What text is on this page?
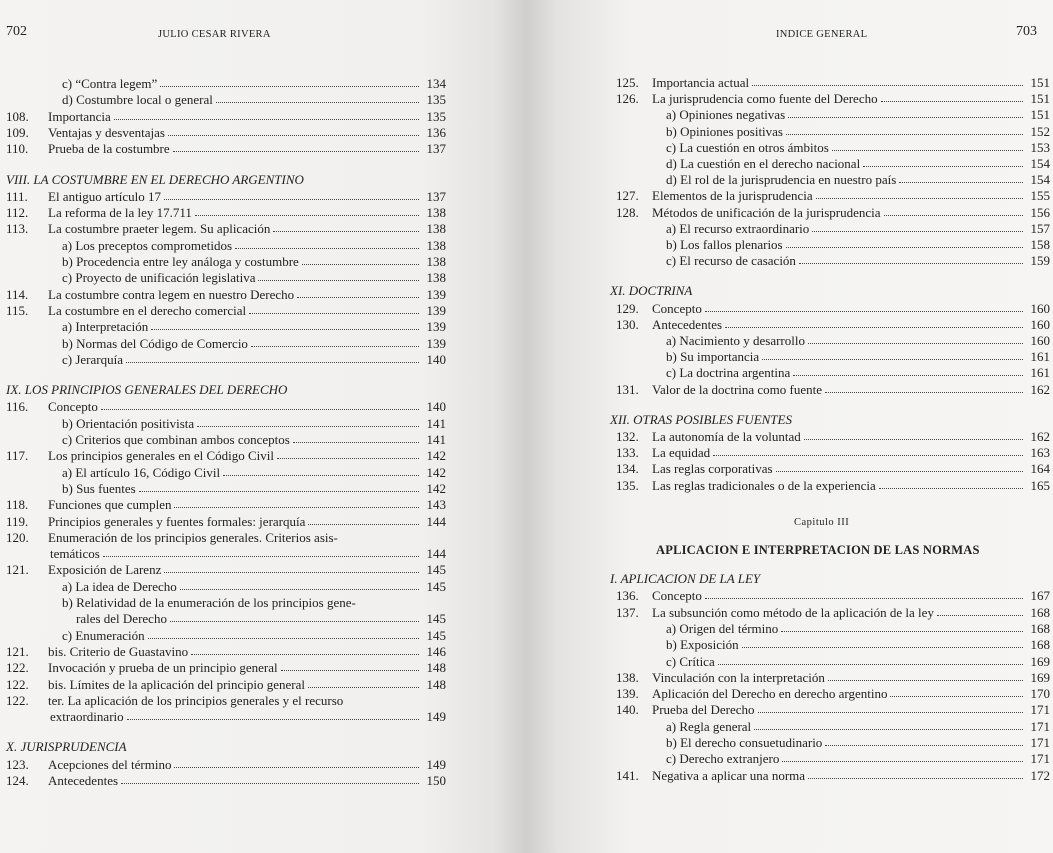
702	JULIO CESAR RIVERA
c) “Contra legem”	134
d) Costumbre local o general	135
108.	Importancia	135
109.	Ventajas y desventajas	136
110.	Prueba de la costumbre	137
VIII. LA COSTUMBRE EN EL DERECHO ARGENTINO
111.	El antiguo artículo 17	137
112.	La reforma de la ley 17.711	138
113.	La costumbre praeter legem. Su aplicación	138
a) Los preceptos comprometidos	138
b) Procedencia entre ley análoga y costumbre	138
c) Proyecto de unificación legislativa	138
114.	La costumbre contra legem en nuestro Derecho	139
115.	La costumbre en el derecho comercial	139
a) Interpretación	139
b) Normas del Código de Comercio	139
c) Jerarquía	140
IX. LOS PRINCIPIOS GENERALES DEL DERECHO
116.	Concepto	140
b) Orientación positivista	141
c) Criterios que combinan ambos conceptos	141
117.	Los principios generales en el Código Civil	142
a) El artículo 16, Código Civil	142
b) Sus fuentes	142
118.	Funciones que cumplen	143
119.	Principios generales y fuentes formales: jerarquía	144
120.	Enumeración de los principios generales. Criterios asis-
temáticos	144
121.	Exposición de Larenz	145
a) La idea de Derecho	145
b) Relatividad de la enumeración de los principios gene-
rales del Derecho	145
c) Enumeración	145
121.	bis. Criterio de Guastavino	146
122.	Invocación y prueba de un principio general	148
122.	bis. Límites de la aplicación del principio general	148
122.	ter. La aplicación de los principios generales y el recurso
extraordinario	149
X. JURISPRUDENCIA
123.	Acepciones del término	149
124.	Antecedentes	150
INDICE GENERAL	703
125.	Importancia actual	151
126.	La jurisprudencia como fuente del Derecho	151
a) Opiniones negativas	151
b) Opiniones positivas	152
c) La cuestión en otros ámbitos	153
d) La cuestión en el derecho nacional	154
d) El rol de la jurisprudencia en nuestro país	154
127.	Elementos de la jurisprudencia	155
128.	Métodos de unificación de la jurisprudencia	156
a) El recurso extraordinario	157
b) Los fallos plenarios	158
c) El recurso de casación	159
XI. DOCTRINA
129.	Concepto	160
130.	Antecedentes	160
a) Nacimiento y desarrollo	160
b) Su importancia	161
c) La doctrina argentina	161
131.	Valor de la doctrina como fuente	162
XII. OTRAS POSIBLES FUENTES
132.	La autonomía de la voluntad	162
133.	La equidad	163
134.	Las reglas corporativas	164
135.	Las reglas tradicionales o de la experiencia	165
Capitulo III
APLICACION E INTERPRETACION DE LAS NORMAS
I. APLICACION DE LA LEY
136.	Concepto	167
137.	La subsunción como método de la aplicación de la ley	168
a) Origen del término	168
b) Exposición	168
c) Crítica	169
138.	Vinculación con la interpretación	169
139.	Aplicación del Derecho en derecho argentino	170
140.	Prueba del Derecho	171
a) Regla general	171
b) El derecho consuetudinario	171
c) Derecho extranjero	171
141.	Negativa a aplicar una norma	172
